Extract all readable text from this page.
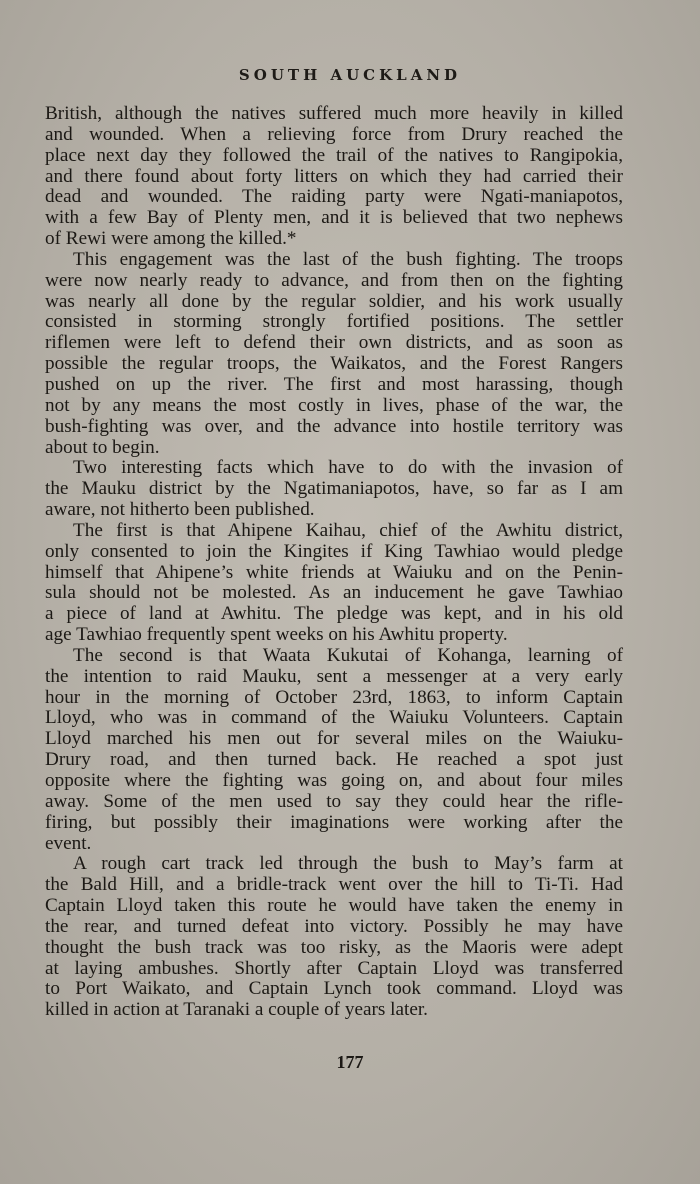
SOUTH AUCKLAND
British, although the natives suffered much more heavily in killed
and wounded. When a relieving force from Drury reached the
place next day they followed the trail of the natives to Rangipokia,
and there found about forty litters on which they had carried their
dead and wounded. The raiding party were Ngati-maniapotos,
with a few Bay of Plenty men, and it is believed that two nephews
of Rewi were among the killed.*
This engagement was the last of the bush fighting. The troops
were now nearly ready to advance, and from then on the fighting
was nearly all done by the regular soldier, and his work usually
consisted in storming strongly fortified positions. The settler
riflemen were left to defend their own districts, and as soon as
possible the regular troops, the Waikatos, and the Forest Rangers
pushed on up the river. The first and most harassing, though
not by any means the most costly in lives, phase of the war, the
bush-fighting was over, and the advance into hostile territory was
about to begin.
Two interesting facts which have to do with the invasion of
the Mauku district by the Ngatimaniapotos, have, so far as I am
aware, not hitherto been published.
The first is that Ahipene Kaihau, chief of the Awhitu district,
only consented to join the Kingites if King Tawhiao would pledge
himself that Ahipene’s white friends at Waiuku and on the Penin-
sula should not be molested. As an inducement he gave Tawhiao
a piece of land at Awhitu. The pledge was kept, and in his old
age Tawhiao frequently spent weeks on his Awhitu property.
The second is that Waata Kukutai of Kohanga, learning of
the intention to raid Mauku, sent a messenger at a very early
hour in the morning of October 23rd, 1863, to inform Captain
Lloyd, who was in command of the Waiuku Volunteers. Captain
Lloyd marched his men out for several miles on the Waiuku-
Drury road, and then turned back. He reached a spot just
opposite where the fighting was going on, and about four miles
away. Some of the men used to say they could hear the rifle-
firing, but possibly their imaginations were working after the
event.
A rough cart track led through the bush to May’s farm at
the Bald Hill, and a bridle-track went over the hill to Ti-Ti. Had
Captain Lloyd taken this route he would have taken the enemy in
the rear, and turned defeat into victory. Possibly he may have
thought the bush track was too risky, as the Maoris were adept
at laying ambushes. Shortly after Captain Lloyd was transferred
to Port Waikato, and Captain Lynch took command. Lloyd was
killed in action at Taranaki a couple of years later.
177
